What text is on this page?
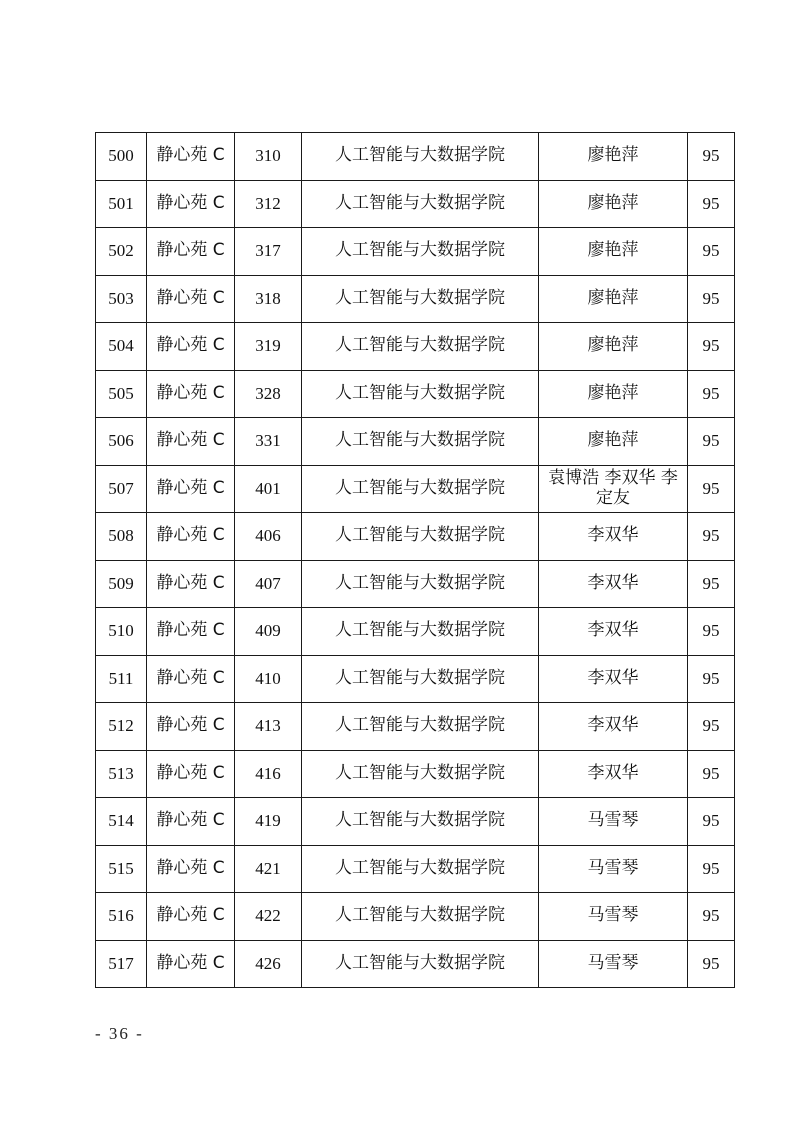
500	静心苑 C	310	人工智能与大数据学院	廖艳萍	95
501	静心苑 C	312	人工智能与大数据学院	廖艳萍	95
502	静心苑 C	317	人工智能与大数据学院	廖艳萍	95
503	静心苑 C	318	人工智能与大数据学院	廖艳萍	95
504	静心苑 C	319	人工智能与大数据学院	廖艳萍	95
505	静心苑 C	328	人工智能与大数据学院	廖艳萍	95
506	静心苑 C	331	人工智能与大数据学院	廖艳萍	95
507	静心苑 C	401	人工智能与大数据学院	袁博浩 李双华 李定友	95
508	静心苑 C	406	人工智能与大数据学院	李双华	95
509	静心苑 C	407	人工智能与大数据学院	李双华	95
510	静心苑 C	409	人工智能与大数据学院	李双华	95
511	静心苑 C	410	人工智能与大数据学院	李双华	95
512	静心苑 C	413	人工智能与大数据学院	李双华	95
513	静心苑 C	416	人工智能与大数据学院	李双华	95
514	静心苑 C	419	人工智能与大数据学院	马雪琴	95
515	静心苑 C	421	人工智能与大数据学院	马雪琴	95
516	静心苑 C	422	人工智能与大数据学院	马雪琴	95
517	静心苑 C	426	人工智能与大数据学院	马雪琴	95
- 36 -
